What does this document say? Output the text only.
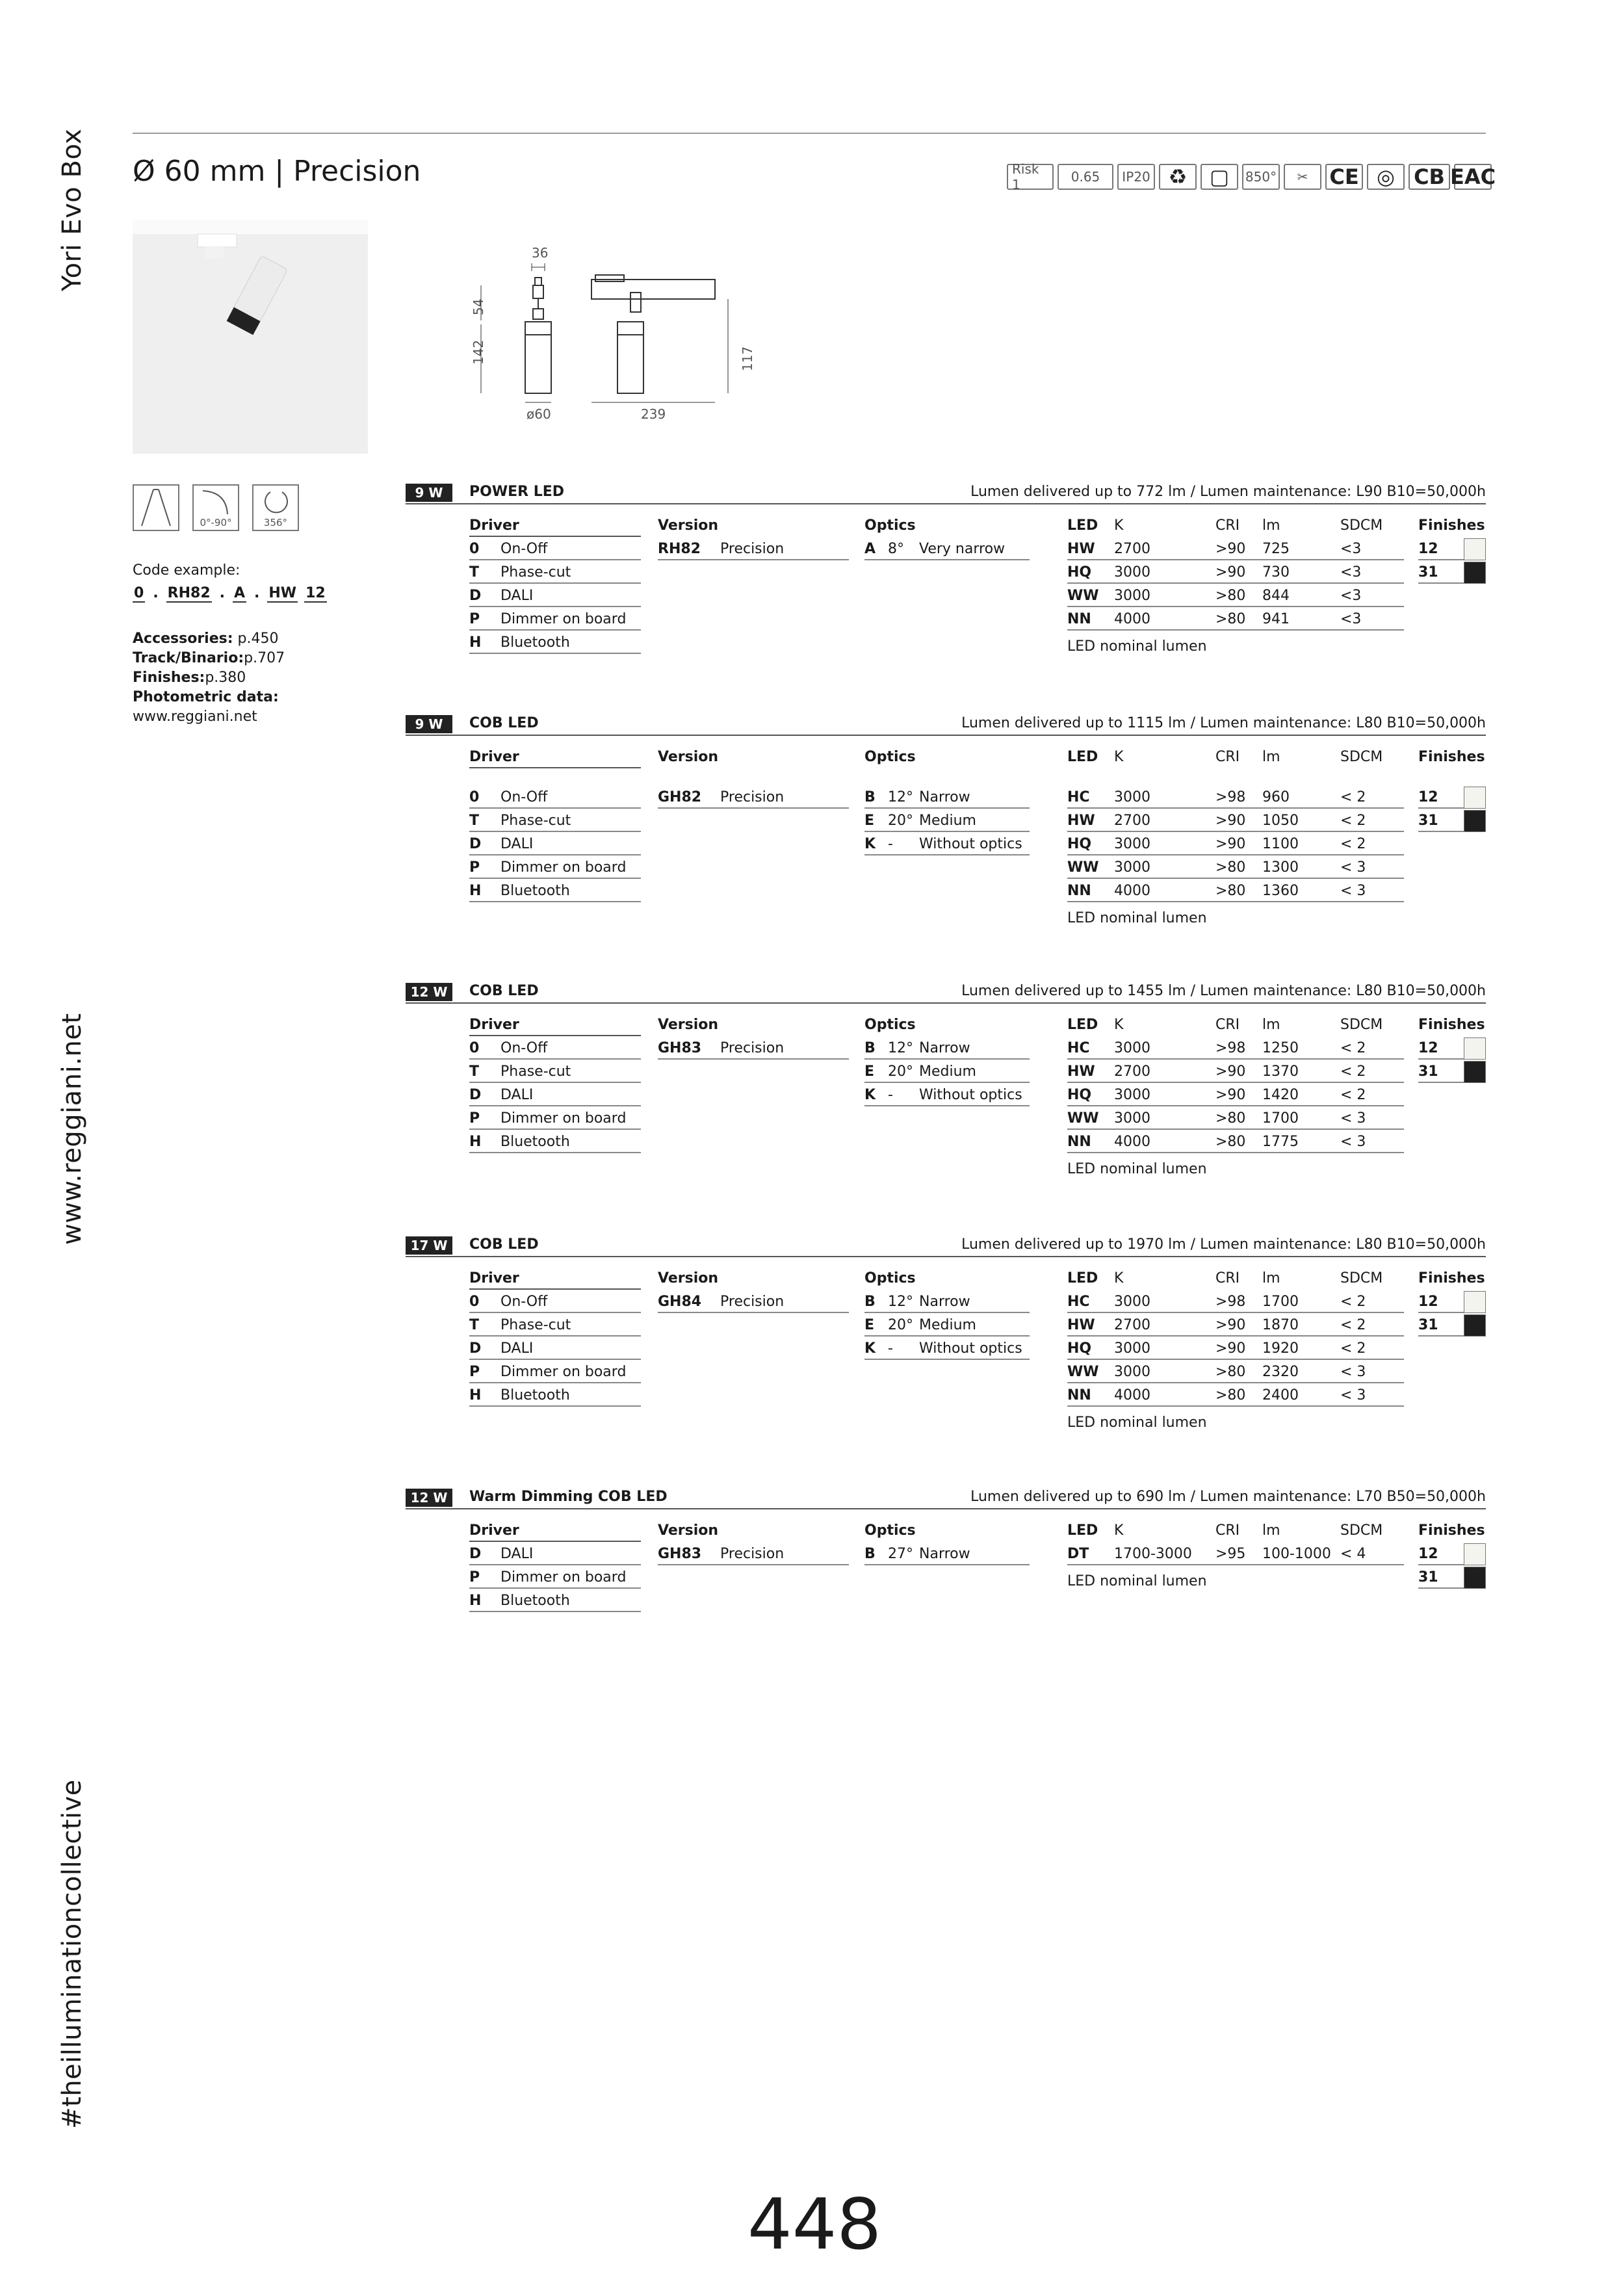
Yori Evo Box
www.reggiani.net
#theilluminationcollective
Ø 60 mm | Precision	Risk 1	0.65	IP20 ♻	▢	850°	✂	CE ◎ CB EAC
36
54
142
ø60	239
117
0°-90°	356°
Code example:
0 . RH82 . A . HW 12
Accessories: p.450
Track/Binario:p.707
Finishes:p.380
Photometric data:
www.reggiani.net
9 W	POWER LED	Lumen delivered up to 772 lm / Lumen maintenance: L90 B10=50,000h
Driver
0 On-Off
T Phase-cut
D DALI
P Dimmer on board
H Bluetooth
Version
RH82 Precision
Optics
A 8° Very narrow
LED K	CRI lm	SDCM
HW 2700	>90 725	<3
HQ 3000	>90 730	<3
WW 3000	>80 844	<3
NN 4000	>80 941	<3
LED nominal lumen
Finishes
12
31
9 W	COB LED	Lumen delivered up to 1115 lm / Lumen maintenance: L80 B10=50,000h
Driver
0 On-Off
T Phase-cut
D DALI
P Dimmer on board
H Bluetooth
Version
GH82 Precision
Optics
B 12° Narrow
E 20° Medium
K - Without optics
LED K	CRI lm	SDCM
HC 3000	>98 960	< 2
HW 2700	>90 1050	< 2
HQ 3000	>90 1100	< 2
WW 3000	>80 1300	< 3
NN 4000	>80 1360	< 3
LED nominal lumen
Finishes
12
31
12 W	COB LED	Lumen delivered up to 1455 lm / Lumen maintenance: L80 B10=50,000h
Driver
0 On-Off
T Phase-cut
D DALI
P Dimmer on board
H Bluetooth
Version
GH83 Precision
Optics
B 12° Narrow
E 20° Medium
K - Without optics
LED K	CRI lm	SDCM
HC 3000	>98 1250	< 2
HW 2700	>90 1370	< 2
HQ 3000	>90 1420	< 2
WW 3000	>80 1700	< 3
NN 4000	>80 1775	< 3
LED nominal lumen
Finishes
12
31
17 W	COB LED	Lumen delivered up to 1970 lm / Lumen maintenance: L80 B10=50,000h
Driver
0 On-Off
T Phase-cut
D DALI
P Dimmer on board
H Bluetooth
Version
GH84 Precision
Optics
B 12° Narrow
E 20° Medium
K - Without optics
LED K	CRI lm	SDCM
HC 3000	>98 1700	< 2
HW 2700	>90 1870	< 2
HQ 3000	>90 1920	< 2
WW 3000	>80 2320	< 3
NN 4000	>80 2400	< 3
LED nominal lumen
Finishes
12
31
12 W	Warm Dimming COB LED	Lumen delivered up to 690 lm / Lumen maintenance: L70 B50=50,000h
Driver
D DALI
P Dimmer on board
H Bluetooth
Version
GH83 Precision
Optics
B 27° Narrow
LED K	CRI lm	SDCM
DT 1700-3000 >95 100-1000 < 4
LED nominal lumen
Finishes
12
31
448
